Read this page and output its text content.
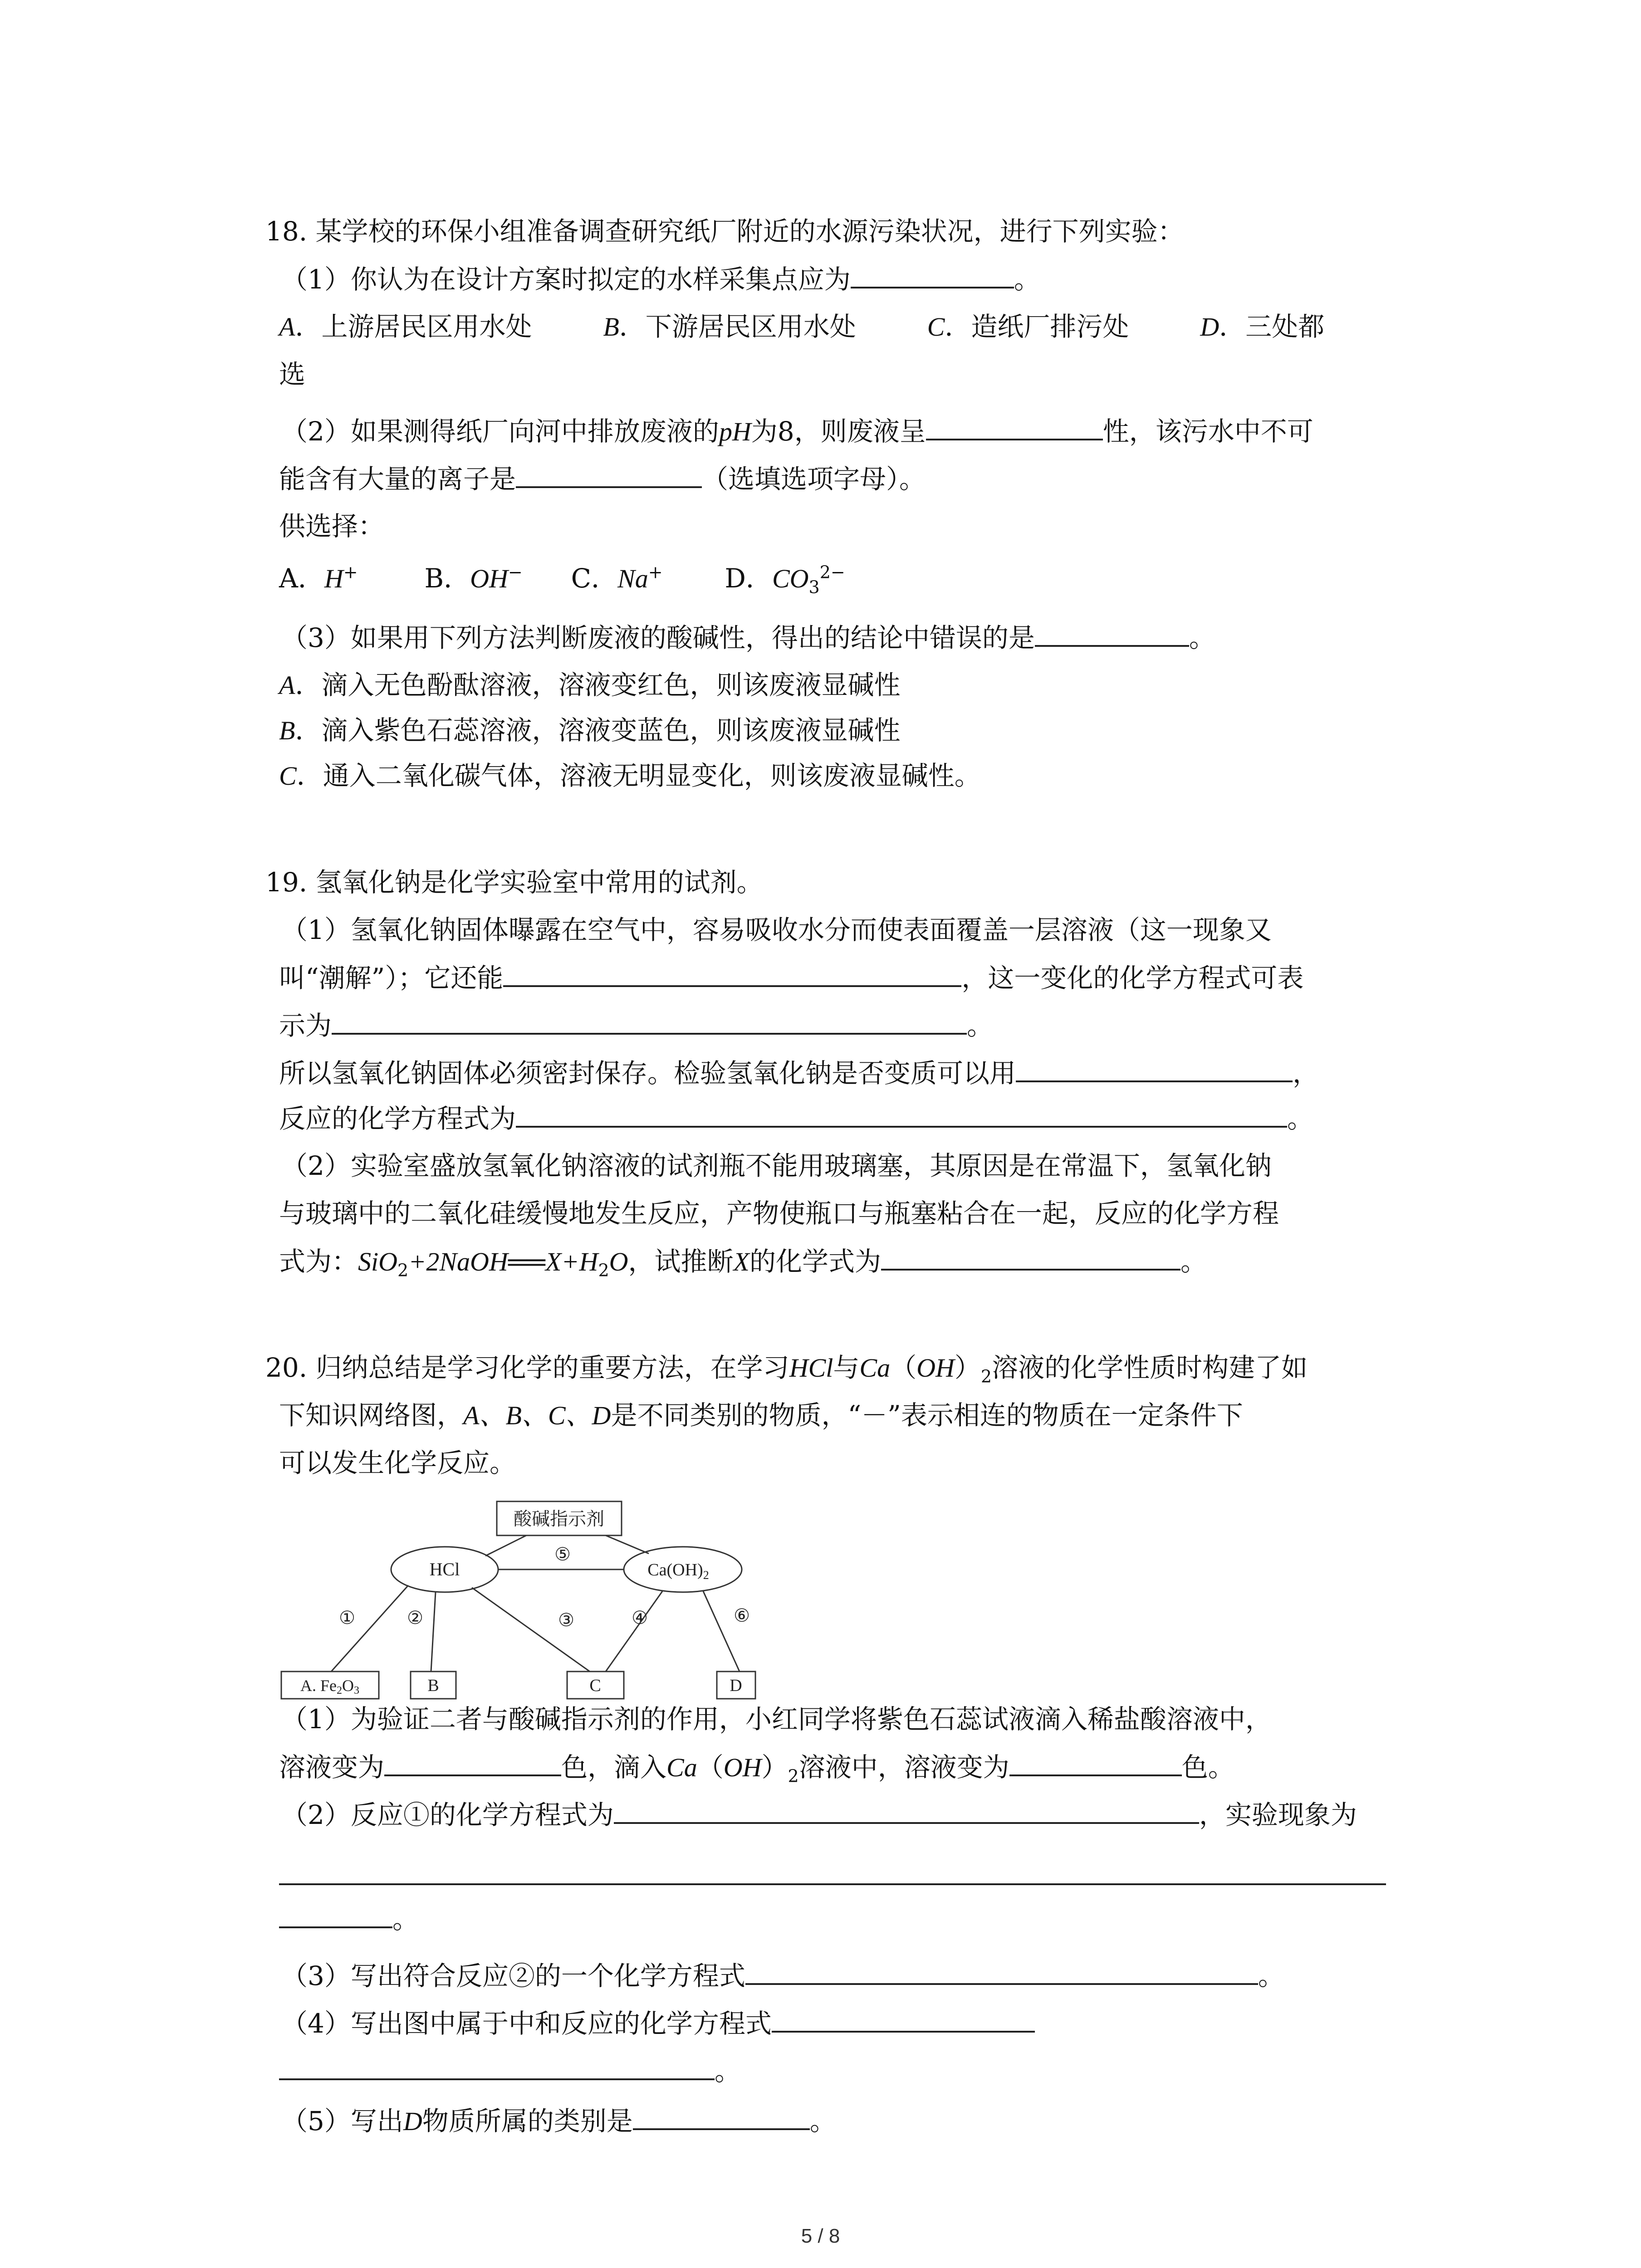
18. 某学校的环保小组准备调查研究纸厂附近的水源污染状况，进行下列实验：
（1）你认为在设计方案时拟定的水样采集点应为	。
A．上游居民区用水处	B．下游居民区用水处	C．造纸厂排污处	D．三处都
选
（2）如果测得纸厂向河中排放废液的pH为8，则废液呈	性，该污水中不可
能含有大量的离子是	（选填选项字母）。
供选择：
A．H+	B．OH− C．Na+ D．$CO_3^{2-}$
（3）如果用下列方法判断废液的酸碱性，得出的结论中错误的是	。
A．滴入无色酚酞溶液，溶液变红色，则该废液显碱性
B．滴入紫色石蕊溶液，溶液变蓝色，则该废液显碱性
C．通入二氧化碳气体，溶液无明显变化，则该废液显碱性。
19. 氢氧化钠是化学实验室中常用的试剂。
（1）氢氧化钠固体曝露在空气中，容易吸收水分而使表面覆盖一层溶液（这一现象又
叫“潮解”）；它还能	，这一变化的化学方程式可表
示为	。
所以氢氧化钠固体必须密封保存。检验氢氧化钠是否变质可以用	，
反应的化学方程式为	。
（2）实验室盛放氢氧化钠溶液的试剂瓶不能用玻璃塞，其原因是在常温下，氢氧化钠
与玻璃中的二氧化硅缓慢地发生反应，产物使瓶口与瓶塞粘合在一起，反应的化学方程
式为：$SiO_2+2NaOH══X+H_2O$，试推断X的化学式为	。
20. 归纳总结是学习化学的重要方法，在学习HCl与$Ca(OH)_2$溶液的化学性质时构建了如
下知识网络图，A、B、C、D是不同类别的物质，“－”表示相连的物质在一定条件下
可以发生化学反应。
酸碱指示剂
HCl	$Ca(OH)_2$
⑤
①	②	③	④	⑥
A. Fe2O3	B	C	D
（1）为验证二者与酸碱指示剂的作用，小红同学将紫色石蕊试液滴入稀盐酸溶液中，
溶液变为	色，滴入$Ca(OH)_2$溶液中，溶液变为	色。
（2）反应①的化学方程式为	，实验现象为
。
（3）写出符合反应②的一个化学方程式	。
（4）写出图中属于中和反应的化学方程式
。
（5）写出D物质所属的类别是	。
5 / 8
